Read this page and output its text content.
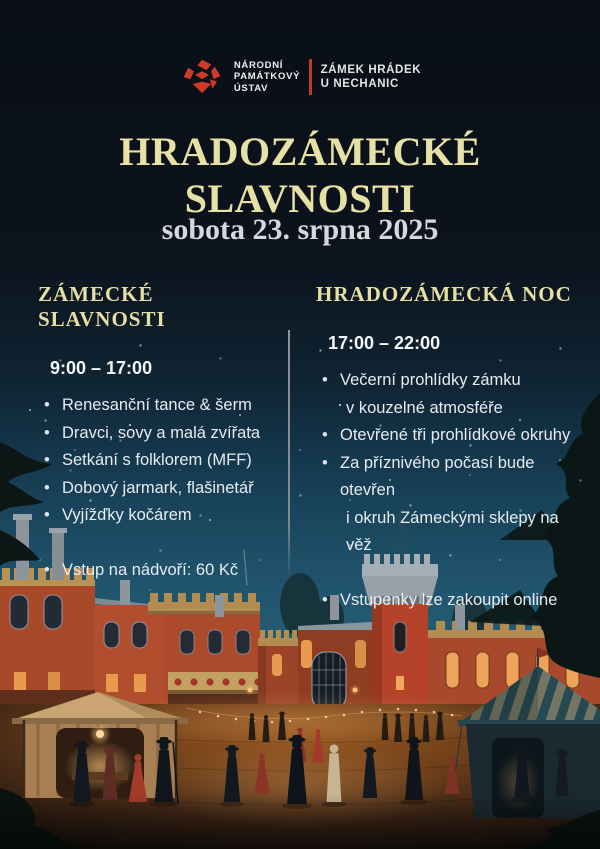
NÁRODNÍ
PAMÁTKOVÝ
ÚSTAV
ZÁMEK HRÁDEK
U NECHANIC
HRADOZÁMECKÉ SLAVNOSTI
sobota 23. srpna 2025
ZÁMECKÉ SLAVNOSTI
9:00 – 17:00
• Renesanční tance & šerm
• Dravci, sovy a malá zvířata
• Setkání s folklorem (MFF)
• Dobový jarmark, flašinetář
• Vyjížďky kočárem
• Vstup na nádvoří: 60 Kč
HRADOZÁMECKÁ NOC
17:00 – 22:00
• Večerní prohlídky zámku
v kouzelné atmosféře
• Otevřené tři prohlídkové okruhy
• Za příznivého počasí bude otevřen
i okruh Zámeckými sklepy na věž
• Vstupenky lze zakoupit online
